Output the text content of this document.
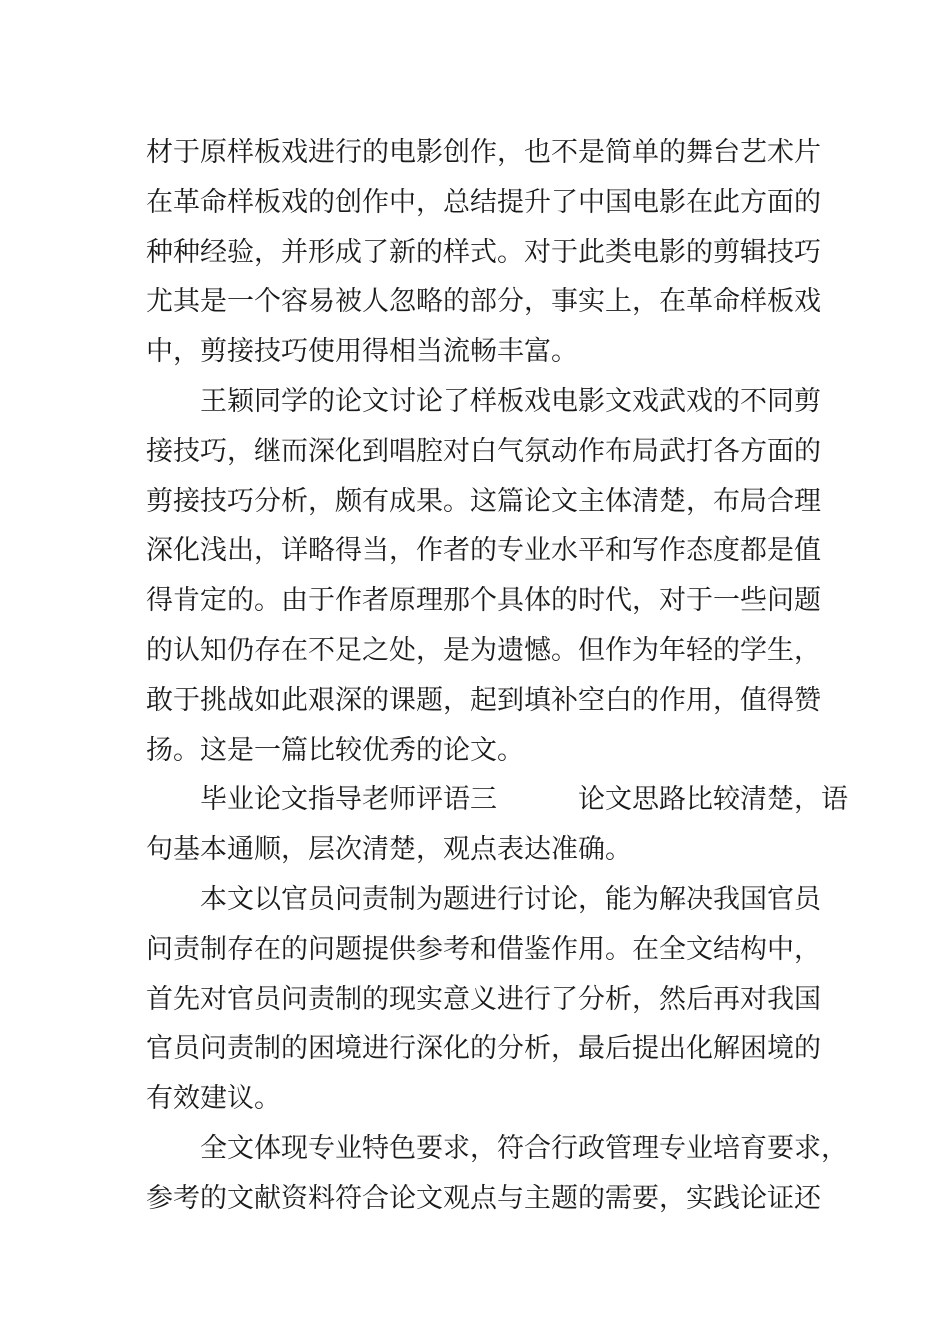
材于原样板戏进行的电影创作，也不是简单的舞台艺术片
在革命样板戏的创作中，总结提升了中国电影在此方面的
种种经验，并形成了新的样式。对于此类电影的剪辑技巧
尤其是一个容易被人忽略的部分，事实上，在革命样板戏
中，剪接技巧使用得相当流畅丰富。
　　王颖同学的论文讨论了样板戏电影文戏武戏的不同剪
接技巧，继而深化到唱腔对白气氛动作布局武打各方面的
剪接技巧分析，颇有成果。这篇论文主体清楚，布局合理
深化浅出，详略得当，作者的专业水平和写作态度都是值
得肯定的。由于作者原理那个具体的时代，对于一些问题
的认知仍存在不足之处，是为遗憾。但作为年轻的学生，
敢于挑战如此艰深的课题，起到填补空白的作用，值得赞
扬。这是一篇比较优秀的论文。
　　毕业论文指导老师评语三　　　论文思路比较清楚，语
句基本通顺，层次清楚，观点表达准确。
　　本文以官员问责制为题进行讨论，能为解决我国官员
问责制存在的问题提供参考和借鉴作用。在全文结构中，
首先对官员问责制的现实意义进行了分析，然后再对我国
官员问责制的困境进行深化的分析，最后提出化解困境的
有效建议。
　　全文体现专业特色要求，符合行政管理专业培育要求，
参考的文献资料符合论文观点与主题的需要，实践论证还
